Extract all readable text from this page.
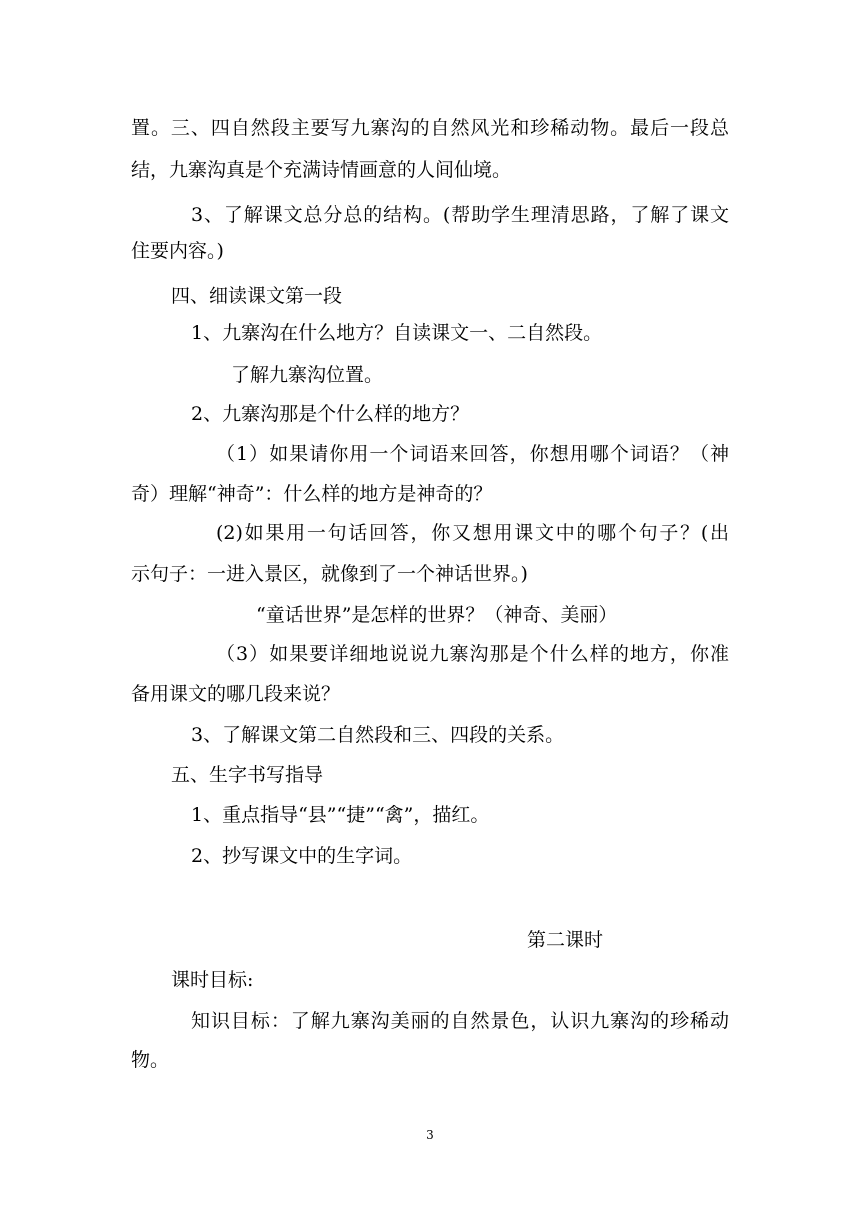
置。三、四自然段主要写九寨沟的自然风光和珍稀动物。最后一段总
结，九寨沟真是个充满诗情画意的人间仙境。
3、了解课文总分总的结构。(帮助学生理清思路，了解了课文
住要内容。)
四、细读课文第一段
1、九寨沟在什么地方？自读课文一、二自然段。
了解九寨沟位置。
2、九寨沟那是个什么样的地方？
（1）如果请你用一个词语来回答，你想用哪个词语？（神
奇）理解“神奇”：什么样的地方是神奇的？
(2)如果用一句话回答，你又想用课文中的哪个句子？(出
示句子：一进入景区，就像到了一个神话世界。)
“童话世界”是怎样的世界？（神奇、美丽）
（3）如果要详细地说说九寨沟那是个什么样的地方，你准
备用课文的哪几段来说？
3、了解课文第二自然段和三、四段的关系。
五、生字书写指导
1、重点指导“县”“捷”“禽”，描红。
2、抄写课文中的生字词。
第二课时
课时目标:
知识目标：了解九寨沟美丽的自然景色，认识九寨沟的珍稀动
物。
3
